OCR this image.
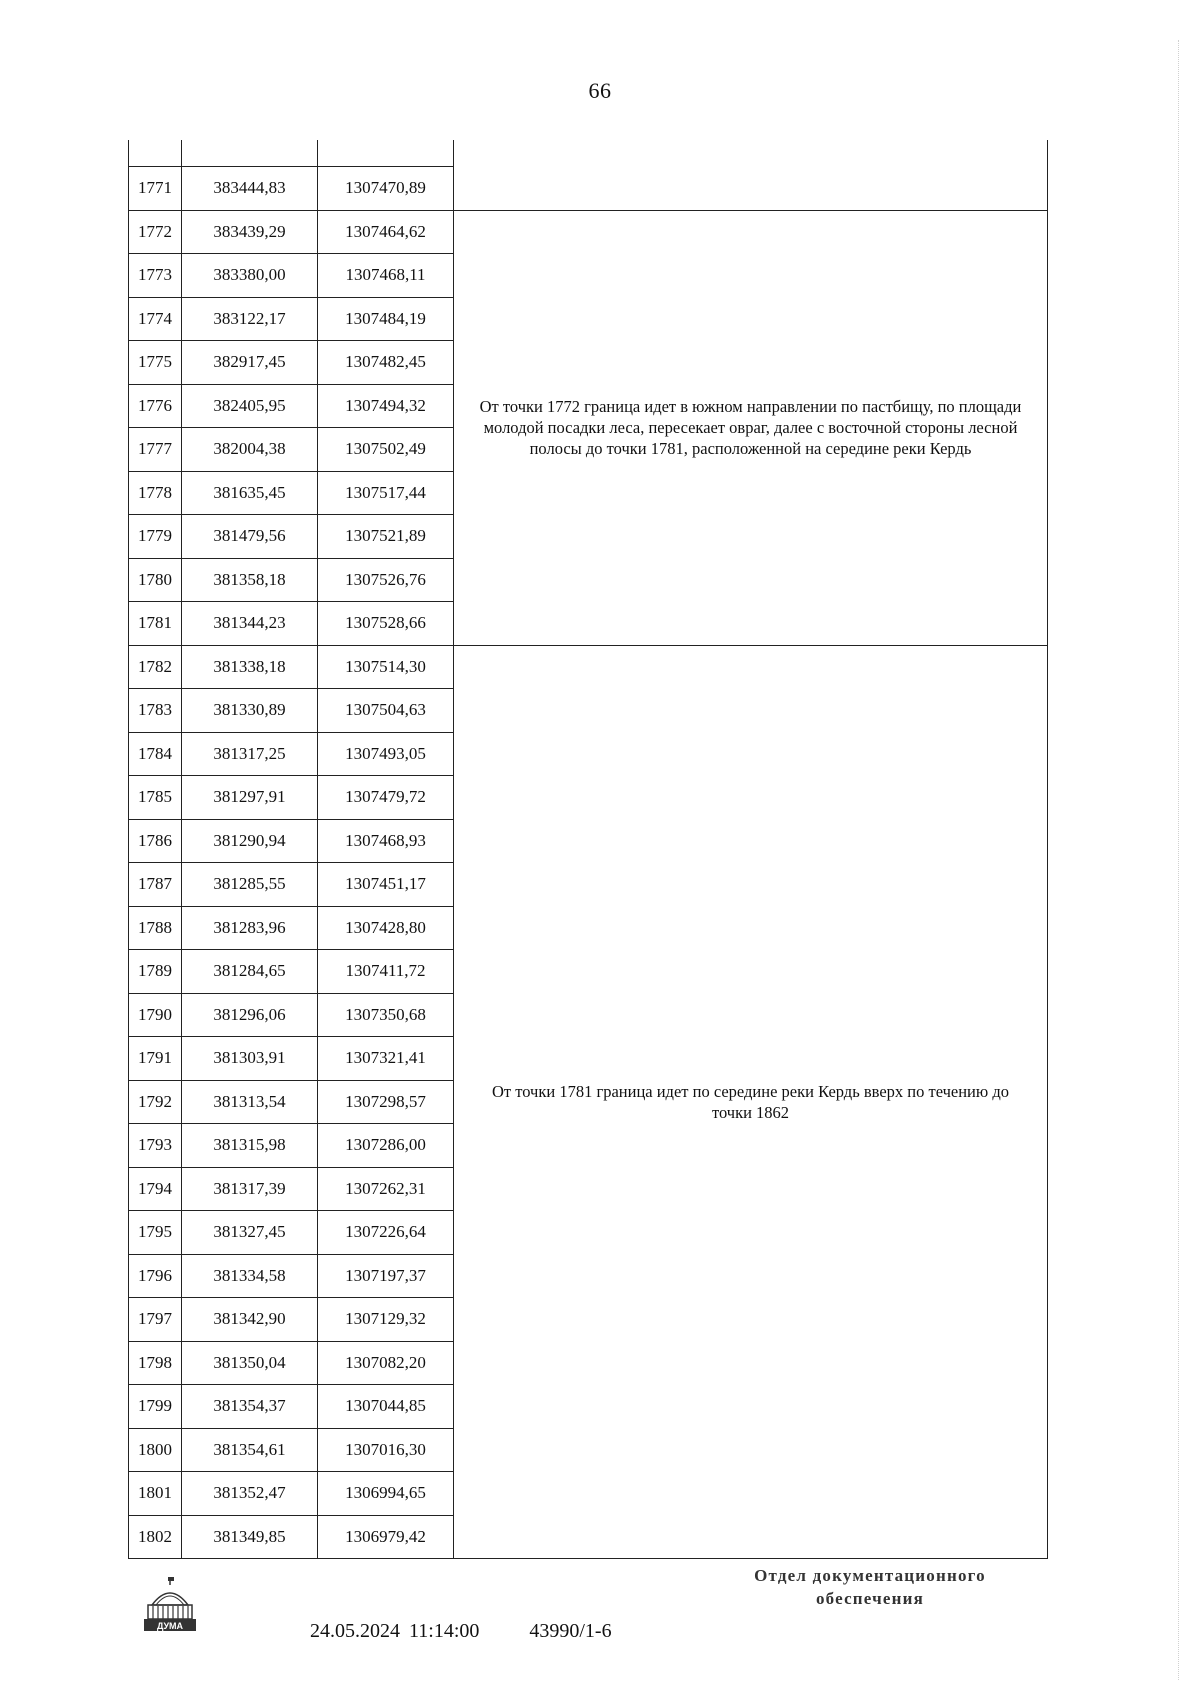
66

1771	383444,83	1307470,89	
1772	383439,29	1307464,62	От точки 1772 граница идет в южном направлении по пастбищу, по площади молодой посадки леса, пересекает овраг, далее с восточной стороны лесной полосы до точки 1781, расположенной на середине реки Кердь
1773	383380,00	1307468,11	
1774	383122,17	1307484,19	
1775	382917,45	1307482,45	
1776	382405,95	1307494,32	
1777	382004,38	1307502,49	
1778	381635,45	1307517,44	
1779	381479,56	1307521,89	
1780	381358,18	1307526,76	
1781	381344,23	1307528,66	
1782	381338,18	1307514,30	От точки 1781 граница идет по середине реки Кердь вверх по течению до точки 1862
1783	381330,89	1307504,63	
1784	381317,25	1307493,05	
1785	381297,91	1307479,72	
1786	381290,94	1307468,93	
1787	381285,55	1307451,17	
1788	381283,96	1307428,80	
1789	381284,65	1307411,72	
1790	381296,06	1307350,68	
1791	381303,91	1307321,41	
1792	381313,54	1307298,57	
1793	381315,98	1307286,00	
1794	381317,39	1307262,31	
1795	381327,45	1307226,64	
1796	381334,58	1307197,37	
1797	381342,90	1307129,32	
1798	381350,04	1307082,20	
1799	381354,37	1307044,85	
1800	381354,61	1307016,30	
1801	381352,47	1306994,65	
1802	381349,85	1306979,42	
ДУМА	24.05.2024 11:14:00	43990/1-6
Отдел документационного
обеспечения
